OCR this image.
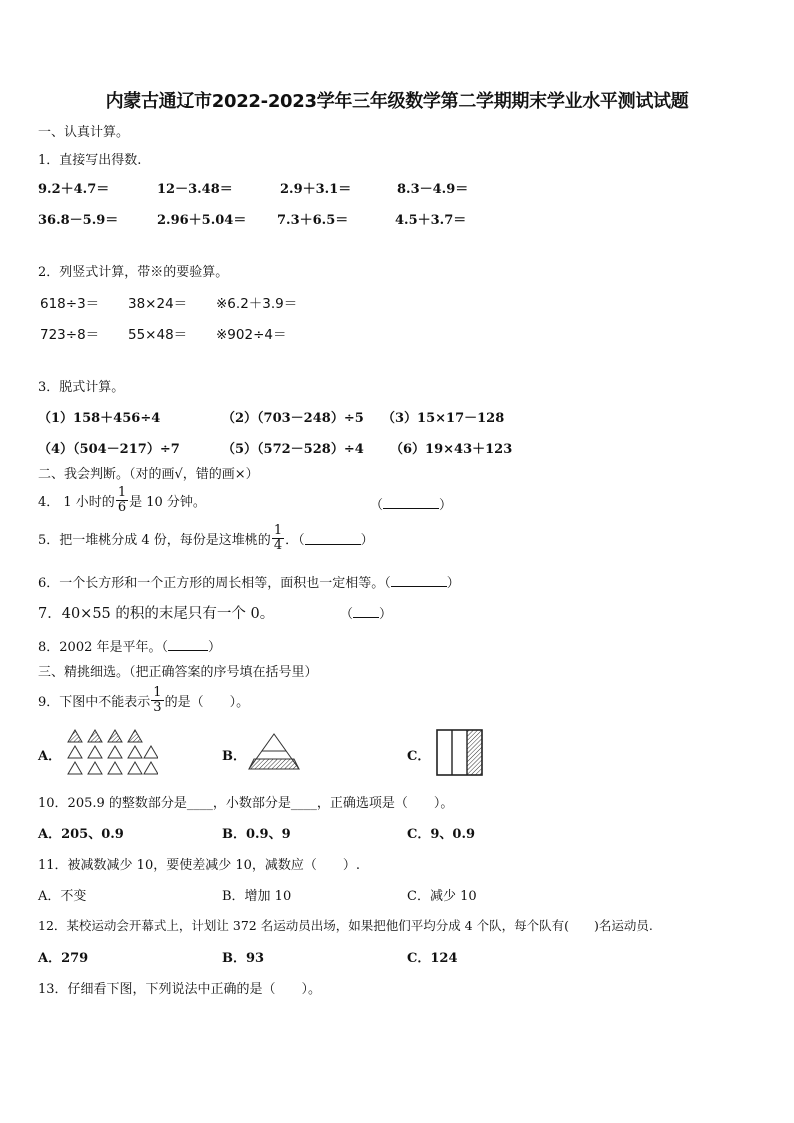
内蒙古通辽市2022-2023学年三年级数学第二学期期末学业水平测试试题
一、认真计算。
1．直接写出得数.
9.2＋4.7＝	12－3.48＝	2.9＋3.1＝	8.3－4.9＝
36.8－5.9＝	2.96＋5.04＝ 7.3＋6.5＝	4.5＋3.7＝
2．列竖式计算，带※的要验算。
618÷3＝ 38×24＝ ※6.2＋3.9＝
723÷8＝ 55×48＝ ※902÷4＝
3．脱式计算。
（1）158＋456÷4	（2）（703－248）÷5 （3）15×17－128
（4）（504－217）÷7	（5）（572－528）÷4 （6）19×43＋123
二、我会判断。（对的画√，错的画×）
4． 1 小时的 $\frac{1}{6}$ 是 10 分钟。	（	）
5．把一堆桃分成 4 份，每份是这堆桃的 $\frac{1}{4}$ ．（	）
6．一个长方形和一个正方形的周长相等，面积也一定相等。（	）
7．40×55 的积的末尾只有一个 0。	（ ）
8．2002 年是平年。（	）
三、精挑细选。（把正确答案的序号填在括号里）
9．下图中不能表示 $\frac{1}{3}$ 的是（　　）。
A．	B．	C．
10．205.9 的整数部分是____，小数部分是____，正确选项是（　　）。
A．205、0.9	B．0.9、9	C．9、0.9
11．被减数减少 10，要使差减少 10，减数应（　　）.
A．不变	B．增加 10	C．减少 10
12．某校运动会开幕式上，计划让 372 名运动员出场，如果把他们平均分成 4 个队，每个队有(　　)名运动员.
A．279	B．93	C．124
13．仔细看下图，下列说法中正确的是（　　）。
